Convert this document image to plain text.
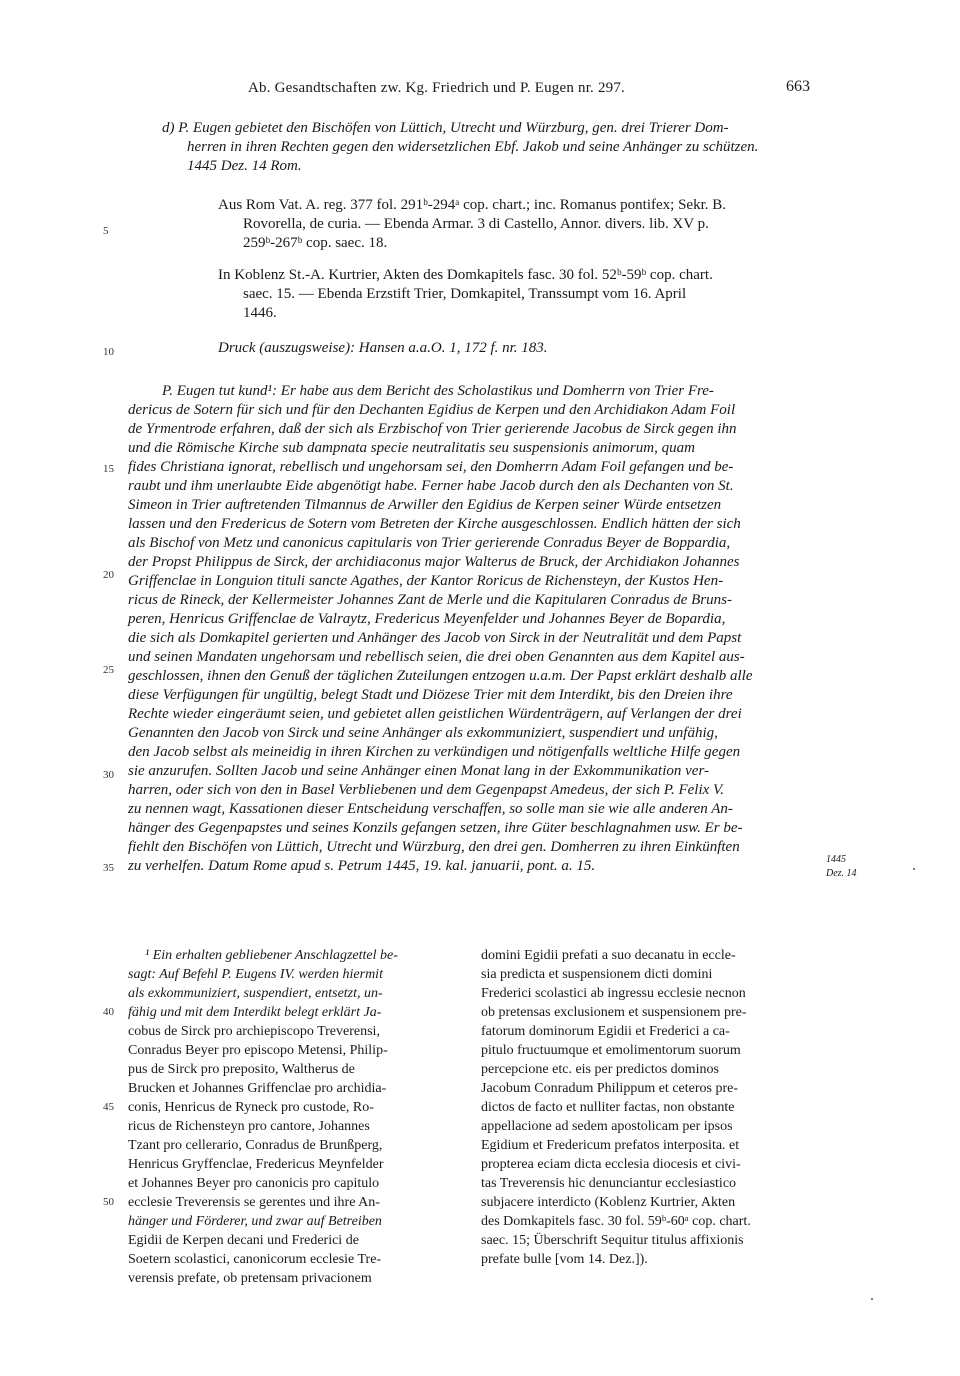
Ab. Gesandtschaften zw. Kg. Friedrich und P. Eugen nr. 297.	663
d) P. Eugen gebietet den Bischöfen von Lüttich, Utrecht und Würzburg, gen. drei Trierer Dom-
herren in ihren Rechten gegen den widersetzlichen Ebf. Jakob und seine Anhänger zu schützen.
1445 Dez. 14 Rom.
Aus Rom Vat. A. reg. 377 fol. 291ᵇ-294ᵃ cop. chart.; inc. Romanus pontifex; Sekr. B.
Rovorella, de curia. — Ebenda Armar. 3 di Castello, Annor. divers. lib. XV p.
259ᵇ-267ᵇ cop. saec. 18.
In Koblenz St.-A. Kurtrier, Akten des Domkapitels fasc. 30 fol. 52ᵇ-59ᵇ cop. chart.
saec. 15. — Ebenda Erzstift Trier, Domkapitel, Transsumpt vom 16. April
1446.
Druck (auszugsweise): Hansen a.a.O. 1, 172 f. nr. 183.
P. Eugen tut kund¹: Er habe aus dem Bericht des Scholastikus und Domherrn von Trier Fre-
dericus de Sotern für sich und für den Dechanten Egidius de Kerpen und den Archidiakon Adam Foil
de Yrmentrode erfahren, daß der sich als Erzbischof von Trier gerierende Jacobus de Sirck gegen ihn
und die Römische Kirche sub dampnata specie neutralitatis seu suspensionis animorum, quam
fides Christiana ignorat, rebellisch und ungehorsam sei, den Domherrn Adam Foil gefangen und be-
raubt und ihm unerlaubte Eide abgenötigt habe. Ferner habe Jacob durch den als Dechanten von St.
Simeon in Trier auftretenden Tilmannus de Arwiller den Egidius de Kerpen seiner Würde entsetzen
lassen und den Fredericus de Sotern vom Betreten der Kirche ausgeschlossen. Endlich hätten der sich
als Bischof von Metz und canonicus capitularis von Trier gerierende Conradus Beyer de Boppardia,
der Propst Philippus de Sirck, der archidiaconus major Walterus de Bruck, der Archidiakon Johannes
Griffenclae in Longuion tituli sancte Agathes, der Kantor Roricus de Richensteyn, der Kustos Hen-
ricus de Rineck, der Kellermeister Johannes Zant de Merle und die Kapitularen Conradus de Bruns-
peren, Henricus Griffenclae de Valraytz, Fredericus Meyenfelder und Johannes Beyer de Bopardia,
die sich als Domkapitel gerierten und Anhänger des Jacob von Sirck in der Neutralität und dem Papst
und seinen Mandaten ungehorsam und rebellisch seien, die drei oben Genannten aus dem Kapitel aus-
geschlossen, ihnen den Genuß der täglichen Zuteilungen entzogen u.a.m. Der Papst erklärt deshalb alle
diese Verfügungen für ungültig, belegt Stadt und Diözese Trier mit dem Interdikt, bis den Dreien ihre
Rechte wieder eingeräumt seien, und gebietet allen geistlichen Würdenträgern, auf Verlangen der drei
Genannten den Jacob von Sirck und seine Anhänger als exkommuniziert, suspendiert und unfähig,
den Jacob selbst als meineidig in ihren Kirchen zu verkündigen und nötigenfalls weltliche Hilfe gegen
sie anzurufen. Sollten Jacob und seine Anhänger einen Monat lang in der Exkommunikation ver-
harren, oder sich von den in Basel Verbliebenen und dem Gegenpapst Amedeus, der sich P. Felix V.
zu nennen wagt, Kassationen dieser Entscheidung verschaffen, so solle man sie wie alle anderen An-
hänger des Gegenpapstes und seines Konzils gefangen setzen, ihre Güter beschlagnahmen usw. Er be-
fiehlt den Bischöfen von Lüttich, Utrecht und Würzburg, den drei gen. Domherren zu ihren Einkünften
zu verhelfen. Datum Rome apud s. Petrum 1445, 19. kal. januarii, pont. a. 15.	1445
Dez. 14
¹ Ein erhalten gebliebener Anschlagzettel be-
sagt: Auf Befehl P. Eugens IV. werden hiermit
als exkommuniziert, suspendiert, entsetzt, un-
fähig und mit dem Interdikt belegt erklärt Ja-
cobus de Sirck pro archiepiscopo Treverensi,
Conradus Beyer pro episcopo Metensi, Philip-
pus de Sirck pro preposito, Waltherus de
Brucken et Johannes Griffenclae pro archidia-
conis, Henricus de Ryneck pro custode, Ro-
ricus de Richensteyn pro cantore, Johannes
Tzant pro cellerario, Conradus de Brunßperg,
Henricus Gryffenclae, Fredericus Meynfelder
et Johannes Beyer pro canonicis pro capitulo
ecclesie Treverensis se gerentes und ihre An-
hänger und Förderer, und zwar auf Betreiben
Egidii de Kerpen decani und Frederici de
Soetern scolastici, canonicorum ecclesie Tre-
verensis prefate, ob pretensam privacionem
domini Egidii prefati a suo decanatu in eccle-
sia predicta et suspensionem dicti domini
Frederici scolastici ab ingressu ecclesie necnon
ob pretensas exclusionem et suspensionem pre-
fatorum dominorum Egidii et Frederici a ca-
pitulo fructuumque et emolimentorum suorum
percepcione etc. eis per predictos dominos
Jacobum Conradum Philippum et ceteros pre-
dictos de facto et nulliter factas, non obstante
appellacione ad sedem apostolicam per ipsos
Egidium et Fredericum prefatos interposita. et
propterea eciam dicta ecclesia diocesis et civi-
tas Treverensis hic denunciantur ecclesiastico
subjacere interdicto (Koblenz Kurtrier, Akten
des Domkapitels fasc. 30 fol. 59ᵇ-60ᵃ cop. chart.
saec. 15; Überschrift Sequitur titulus affixionis
prefate bulle [vom 14. Dez.]).
5
10
15
20
25
30
35
40
45
50
